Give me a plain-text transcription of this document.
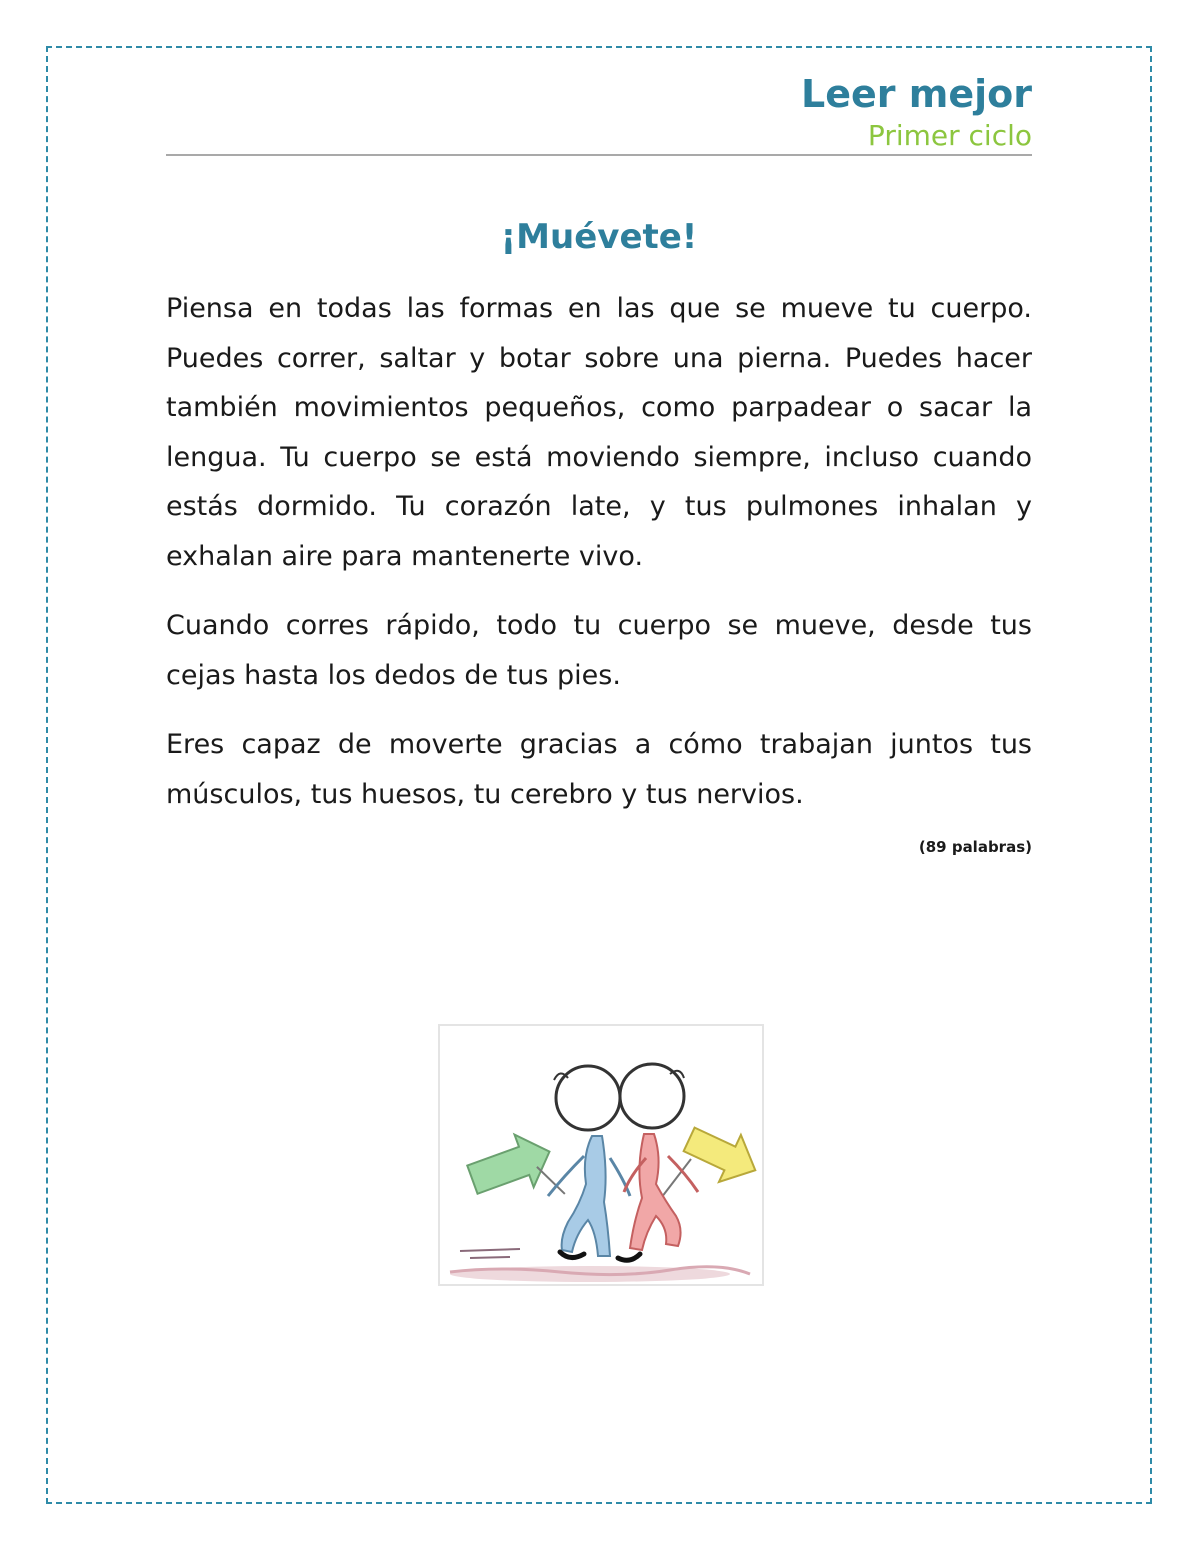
Leer mejor
Primer ciclo
¡Muévete!

Piensa en todas las formas en las que se mueve tu cuerpo. Puedes correr, saltar y botar sobre una pierna. Puedes hacer también movimientos pequeños, como parpadear o sacar la lengua. Tu cuerpo se está moviendo siempre, incluso cuando estás dormido. Tu corazón late, y tus pulmones inhalan y exhalan aire para mantenerte vivo.

Cuando corres rápido, todo tu cuerpo se mueve, desde tus cejas hasta los dedos de tus pies.

Eres capaz de moverte gracias a cómo trabajan juntos tus músculos, tus huesos, tu cerebro y tus nervios.

(89 palabras)
